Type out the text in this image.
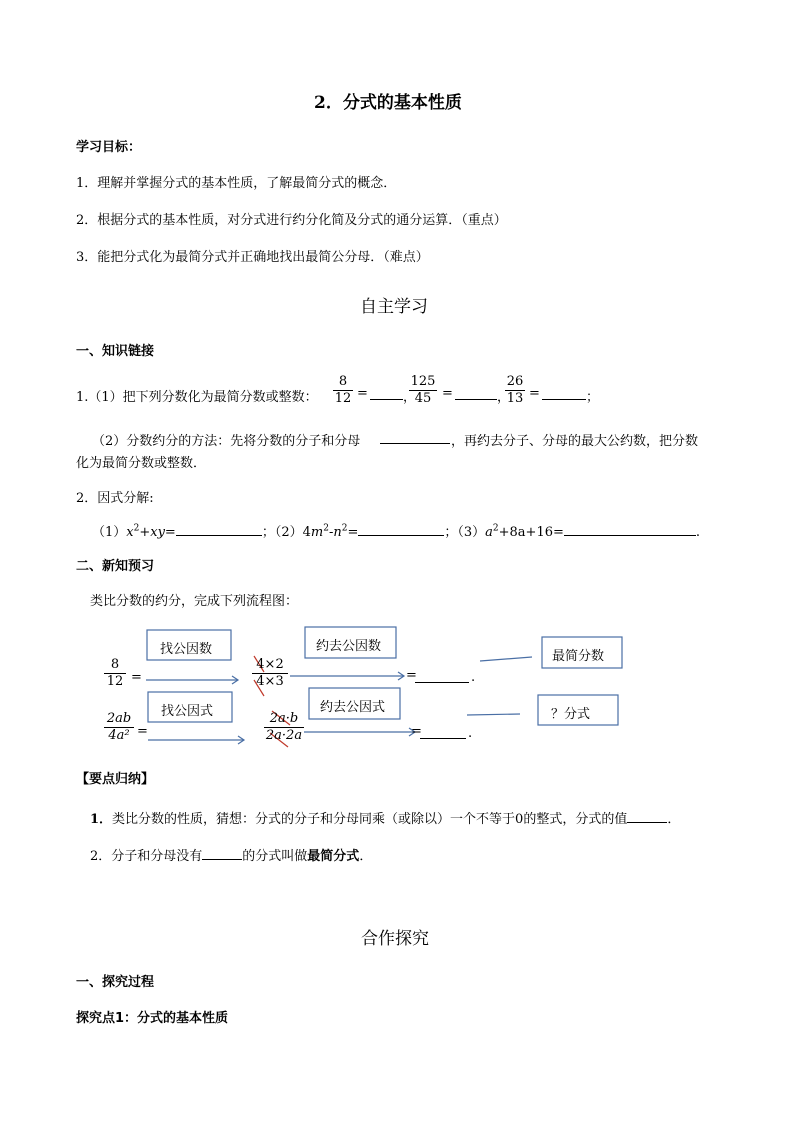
2．分式的基本性质
学习目标：
1．理解并掌握分式的基本性质，了解最简分式的概念．
2．根据分式的基本性质，对分式进行约分化简及分式的通分运算．（重点）
3．能把分式化为最简分式并正确地找出最简公分母．（难点）
自主学习
一、知识链接
1.（1）把下列分数化为最简分数或整数：
8
12 =	，
125
45 =	，
26
13 =	；
（2）分数约分的方法：先将分数的分子和分母	，再约去分子、分母的最大公约数，把分数
化为最简分数或整数．
2．因式分解:
$(1)x^2+xy=$	；$(2)4m^2-n^2=$	；$(3)a^2+8a+16=$	.
二、新知预习
类比分数的约分，完成下列流程图：
找公因数	约去公因数
最简分数
找公因式	约去公因式	？分式
8
12 =
4×2
4×3	=	.
2ab
4a² =
2a·b
2a·2a	=	.
【要点归纳】
1．类比分数的性质，猜想：分式的分子和分母同乘（或除以）一个不等于0的整式，分式的值	．
2．分子和分母没有	的分式叫做最简分式．
合作探究
一、探究过程
探究点1：分式的基本性质
